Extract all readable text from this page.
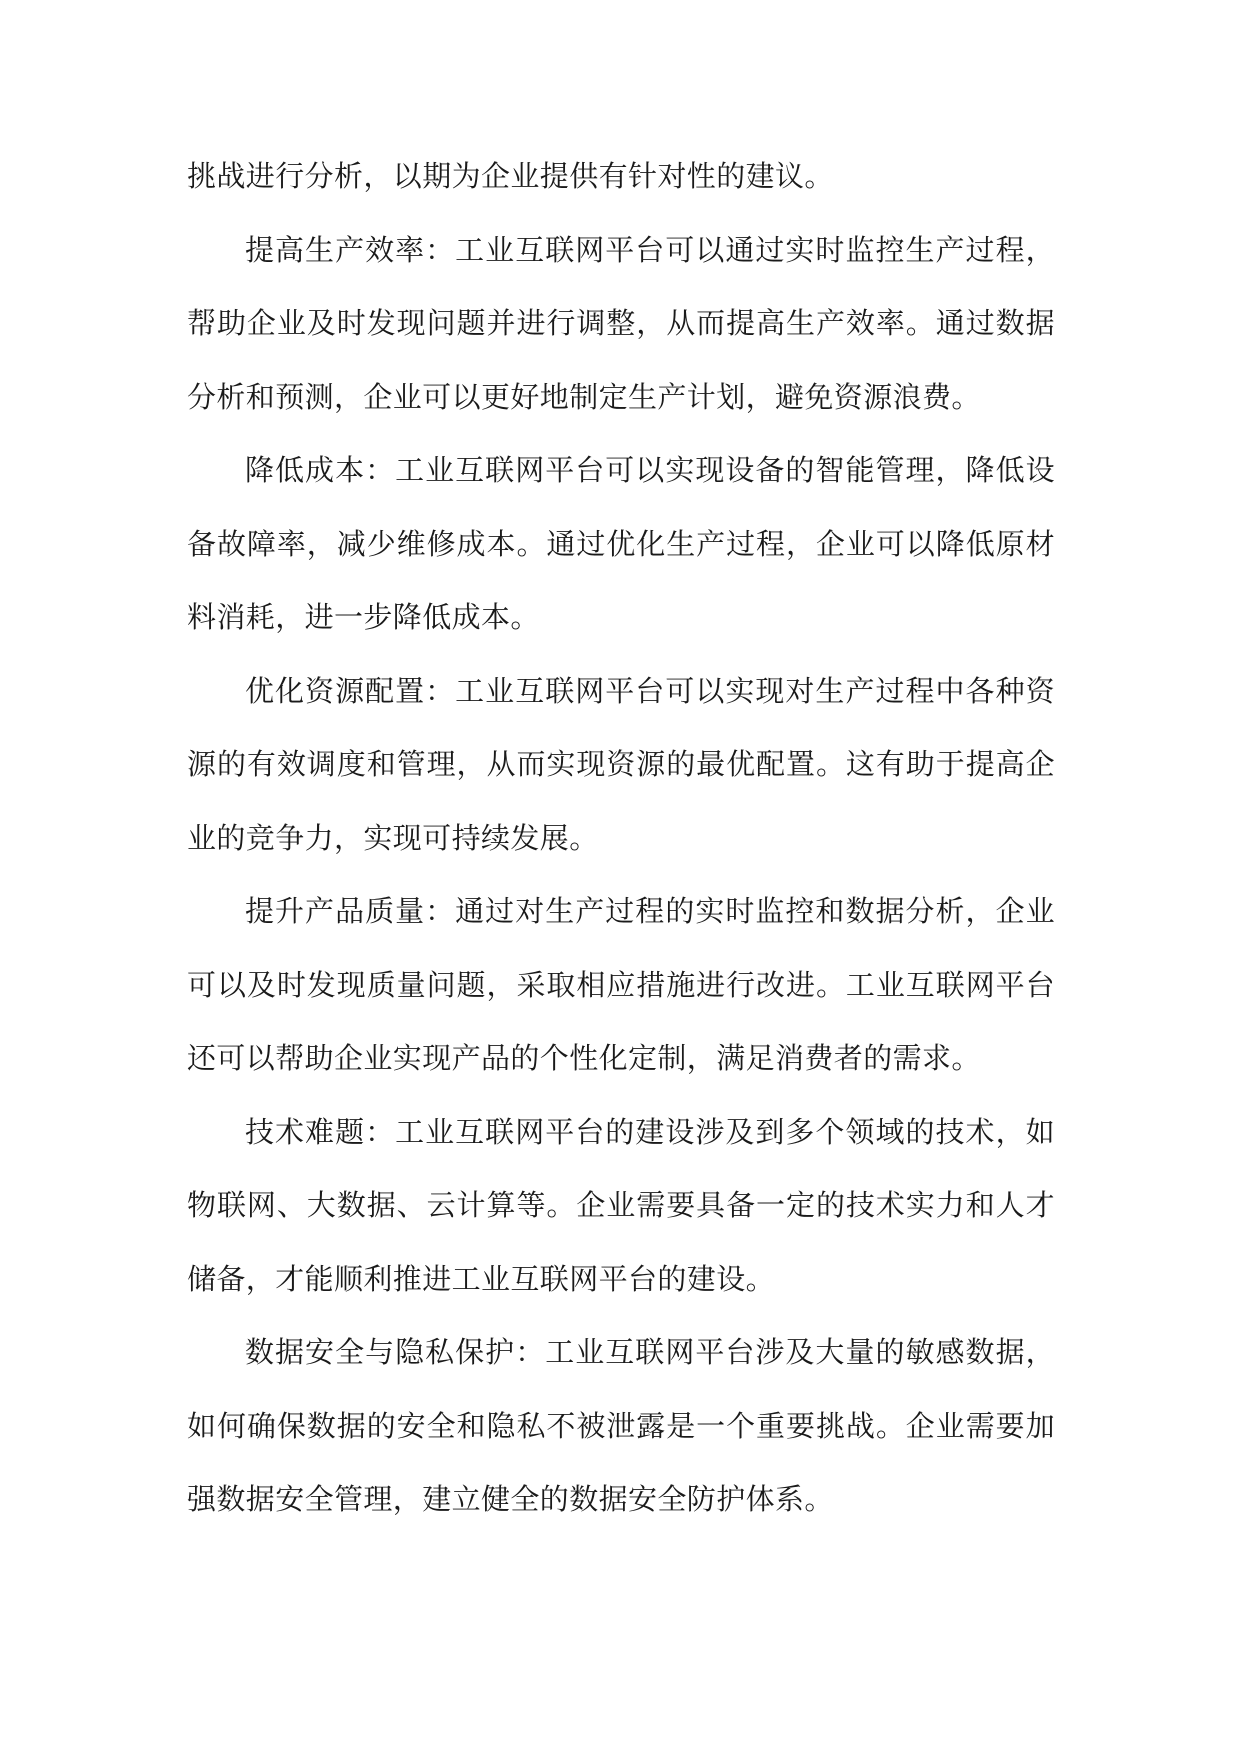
挑战进行分析，以期为企业提供有针对性的建议。

提高生产效率：工业互联网平台可以通过实时监控生产过程，帮助企业及时发现问题并进行调整，从而提高生产效率。通过数据分析和预测，企业可以更好地制定生产计划，避免资源浪费。

降低成本：工业互联网平台可以实现设备的智能管理，降低设备故障率，减少维修成本。通过优化生产过程，企业可以降低原材料消耗，进一步降低成本。

优化资源配置：工业互联网平台可以实现对生产过程中各种资源的有效调度和管理，从而实现资源的最优配置。这有助于提高企业的竞争力，实现可持续发展。

提升产品质量：通过对生产过程的实时监控和数据分析，企业可以及时发现质量问题，采取相应措施进行改进。工业互联网平台还可以帮助企业实现产品的个性化定制，满足消费者的需求。

技术难题：工业互联网平台的建设涉及到多个领域的技术，如物联网、大数据、云计算等。企业需要具备一定的技术实力和人才储备，才能顺利推进工业互联网平台的建设。

数据安全与隐私保护：工业互联网平台涉及大量的敏感数据，如何确保数据的安全和隐私不被泄露是一个重要挑战。企业需要加强数据安全管理，建立健全的数据安全防护体系。
